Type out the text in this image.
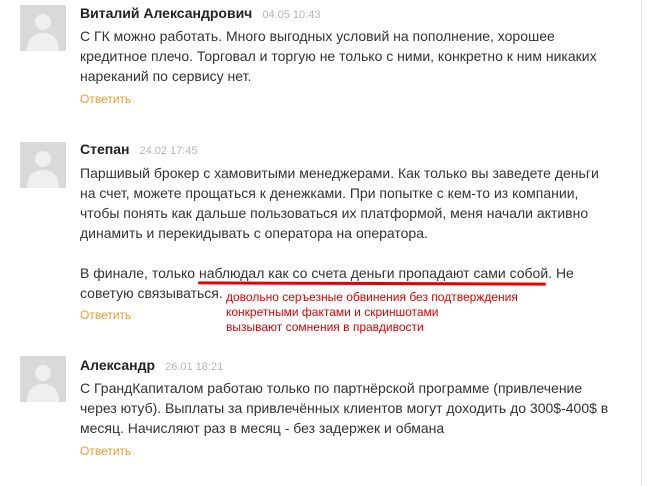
Виталий Александрович 04.05 10:43

С ГК можно работать. Много выгодных условий на пополнение, хорошее кредитное плечо. Торговал и торгую не только с ними, конкретно к ним никаких нареканий по сервису нет.

Ответить
Степан 24.02 17:45

Паршивый брокер с хамовитыми менеджерами. Как только вы заведете деньги на счет, можете прощаться к денежками. При попытке с кем-то из компании, чтобы понять как дальше пользоваться их платформой, меня начали активно динамить и перекидывать с оператора на оператора.

В финале, только наблюдал как со счета деньги пропадают сами собой. Не советую связываться.

Ответить
довольно серъезные обвинения без подтверждения
конкретными фактами и скриншотами
вызывают сомнения в правдивости
Александр 26.01 18:21

С ГрандКапиталом работаю только по партнёрской программе (привлечение через ютуб). Выплаты за привлечённых клиентов могут доходить до 300$-400$ в месяц. Начисляют раз в месяц - без задержек и обмана

Ответить
